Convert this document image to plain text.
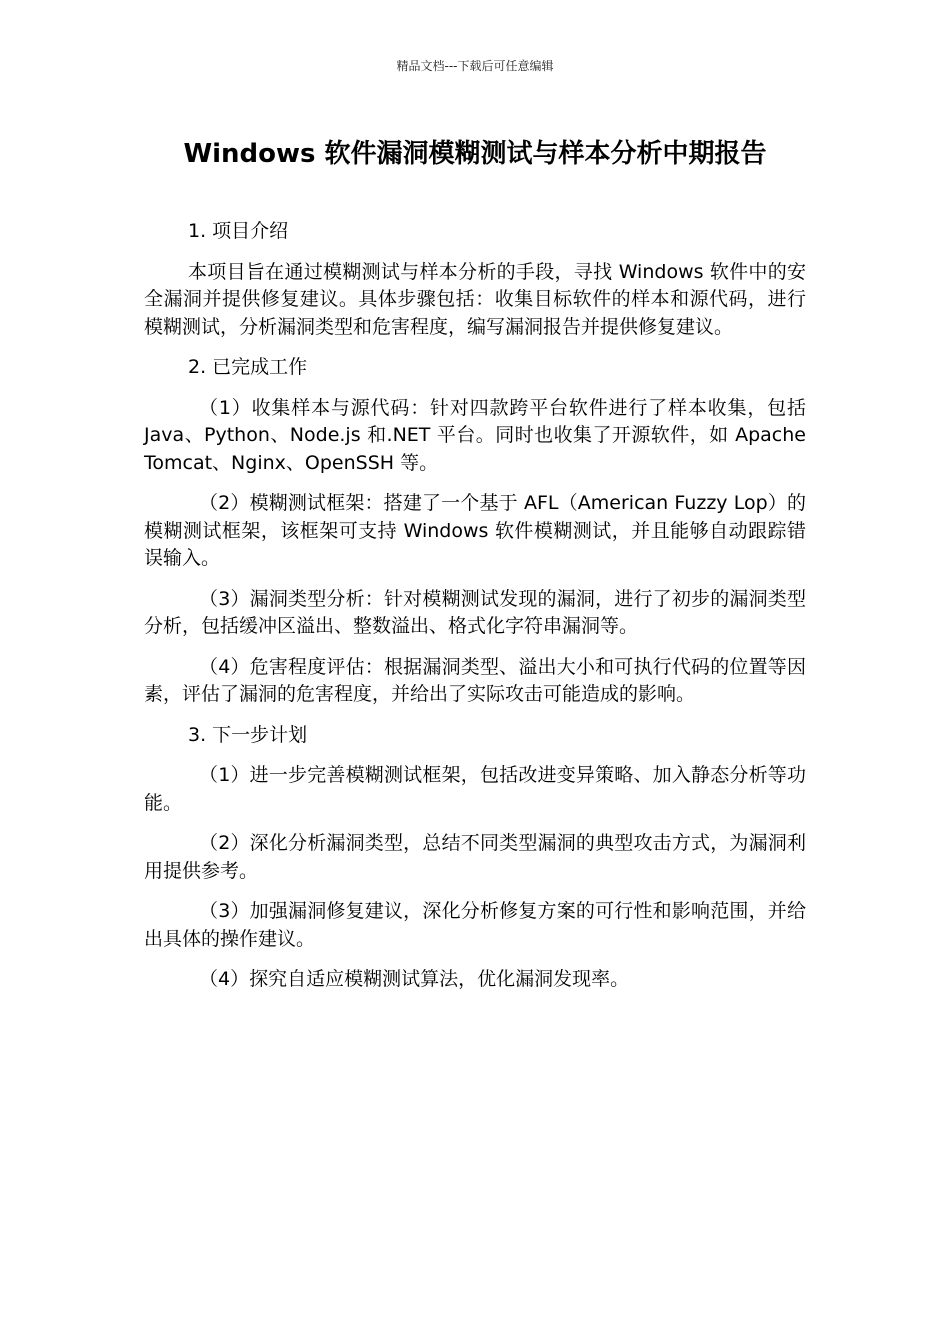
精品文档---下载后可任意编辑
Windows 软件漏洞模糊测试与样本分析中期报告

1. 项目介绍

本项目旨在通过模糊测试与样本分析的手段，寻找 Windows 软件中的安全漏洞并提供修复建议。具体步骤包括：收集目标软件的样本和源代码，进行模糊测试，分析漏洞类型和危害程度，编写漏洞报告并提供修复建议。

2. 已完成工作

（1）收集样本与源代码：针对四款跨平台软件进行了样本收集，包括 Java、Python、Node.js 和.NET 平台。同时也收集了开源软件，如 Apache Tomcat、Nginx、OpenSSH 等。

（2）模糊测试框架：搭建了一个基于 AFL（American Fuzzy Lop）的模糊测试框架，该框架可支持 Windows 软件模糊测试，并且能够自动跟踪错误输入。

（3）漏洞类型分析：针对模糊测试发现的漏洞，进行了初步的漏洞类型分析，包括缓冲区溢出、整数溢出、格式化字符串漏洞等。

（4）危害程度评估：根据漏洞类型、溢出大小和可执行代码的位置等因素，评估了漏洞的危害程度，并给出了实际攻击可能造成的影响。

3. 下一步计划

（1）进一步完善模糊测试框架，包括改进变异策略、加入静态分析等功能。

（2）深化分析漏洞类型，总结不同类型漏洞的典型攻击方式，为漏洞利用提供参考。

（3）加强漏洞修复建议，深化分析修复方案的可行性和影响范围，并给出具体的操作建议。

（4）探究自适应模糊测试算法，优化漏洞发现率。
